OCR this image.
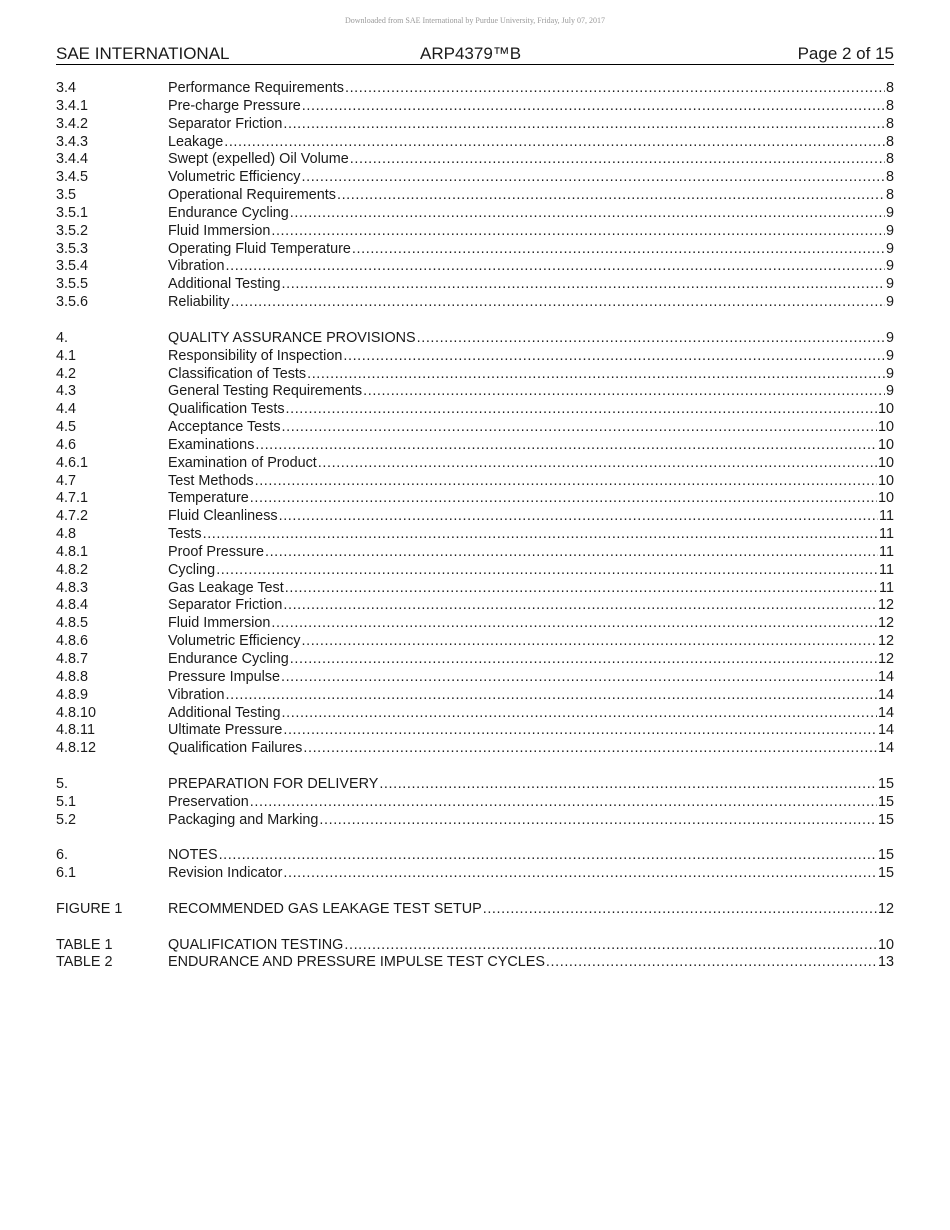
Downloaded from SAE International by Purdue University, Friday, July 07, 2017
SAE INTERNATIONAL	ARP4379™B	Page 2 of 15
3.4	Performance Requirements .....	8
3.4.1	Pre-charge Pressure .....	8
3.4.2	Separator Friction .....	8
3.4.3	Leakage .....	8
3.4.4	Swept (expelled) Oil Volume .....	8
3.4.5	Volumetric Efficiency .....	8
3.5	Operational Requirements .....	8
3.5.1	Endurance Cycling .....	9
3.5.2	Fluid Immersion .....	9
3.5.3	Operating Fluid Temperature .....	9
3.5.4	Vibration .....	9
3.5.5	Additional Testing .....	9
3.5.6	Reliability .....	9
4.	QUALITY ASSURANCE PROVISIONS .....	9
4.1	Responsibility of Inspection .....	9
4.2	Classification of Tests .....	9
4.3	General Testing Requirements .....	9
4.4	Qualification Tests .....	10
4.5	Acceptance Tests .....	10
4.6	Examinations .....	10
4.6.1	Examination of Product .....	10
4.7	Test Methods .....	10
4.7.1	Temperature .....	10
4.7.2	Fluid Cleanliness .....	11
4.8	Tests .....	11
4.8.1	Proof Pressure .....	11
4.8.2	Cycling .....	11
4.8.3	Gas Leakage Test .....	11
4.8.4	Separator Friction .....	12
4.8.5	Fluid Immersion .....	12
4.8.6	Volumetric Efficiency .....	12
4.8.7	Endurance Cycling .....	12
4.8.8	Pressure Impulse .....	14
4.8.9	Vibration .....	14
4.8.10	Additional Testing .....	14
4.8.11	Ultimate Pressure .....	14
4.8.12	Qualification Failures .....	14
5.	PREPARATION FOR DELIVERY .....	15
5.1	Preservation .....	15
5.2	Packaging and Marking .....	15
6.	NOTES .....	15
6.1	Revision Indicator .....	15
FIGURE 1	RECOMMENDED GAS LEAKAGE TEST SETUP .....	12
TABLE 1	QUALIFICATION TESTING .....	10
TABLE 2	ENDURANCE AND PRESSURE IMPULSE TEST CYCLES .....	13
